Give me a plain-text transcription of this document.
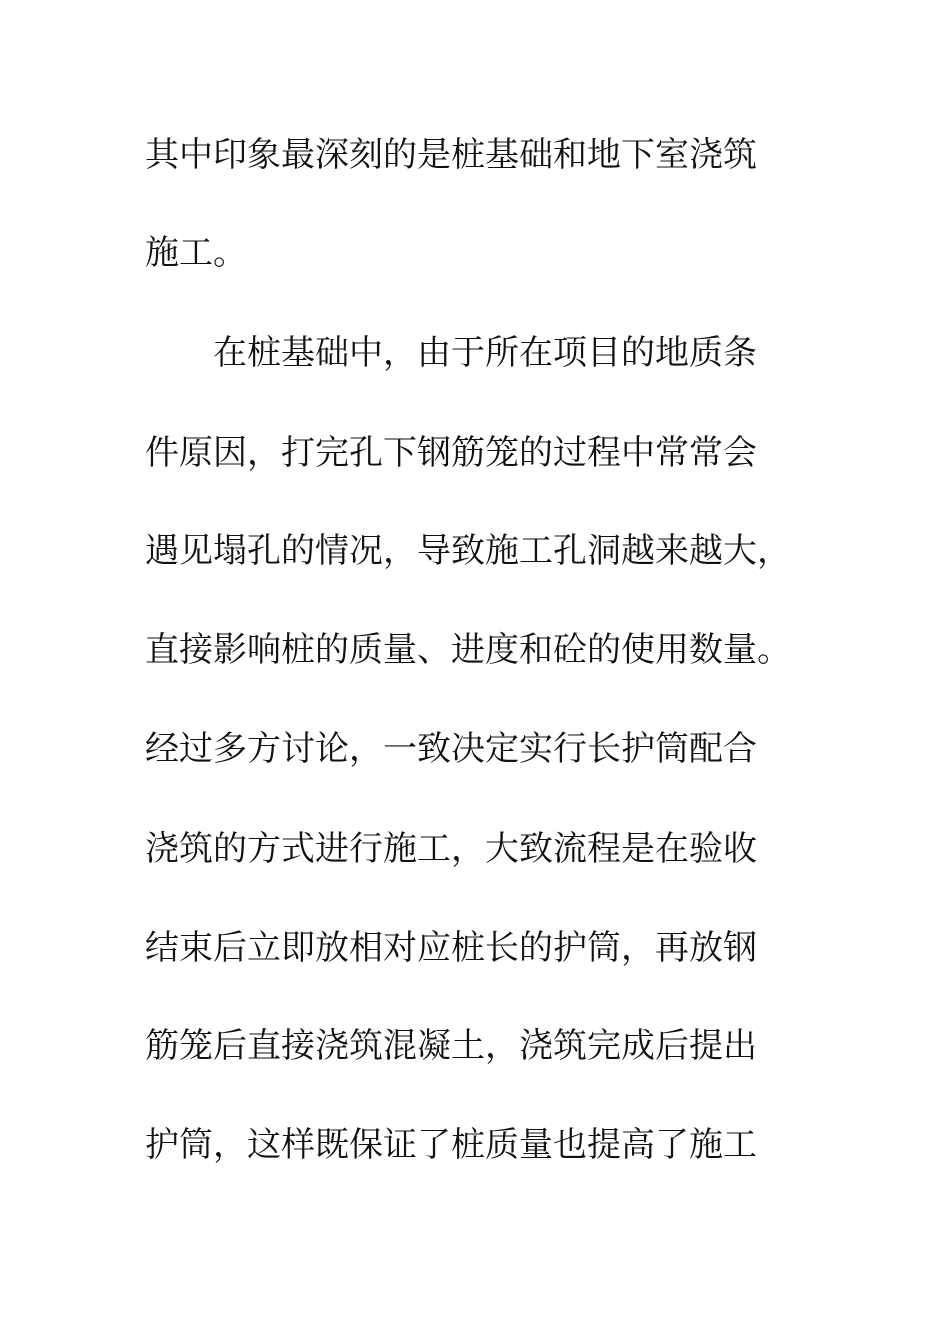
其中印象最深刻的是桩基础和地下室浇筑
施工。
在桩基础中，由于所在项目的地质条
件原因，打完孔下钢筋笼的过程中常常会
遇见塌孔的情况，导致施工孔洞越来越大，
直接影响桩的质量、进度和砼的使用数量。
经过多方讨论，一致决定实行长护筒配合
浇筑的方式进行施工，大致流程是在验收
结束后立即放相对应桩长的护筒，再放钢
筋笼后直接浇筑混凝土，浇筑完成后提出
护筒，这样既保证了桩质量也提高了施工
